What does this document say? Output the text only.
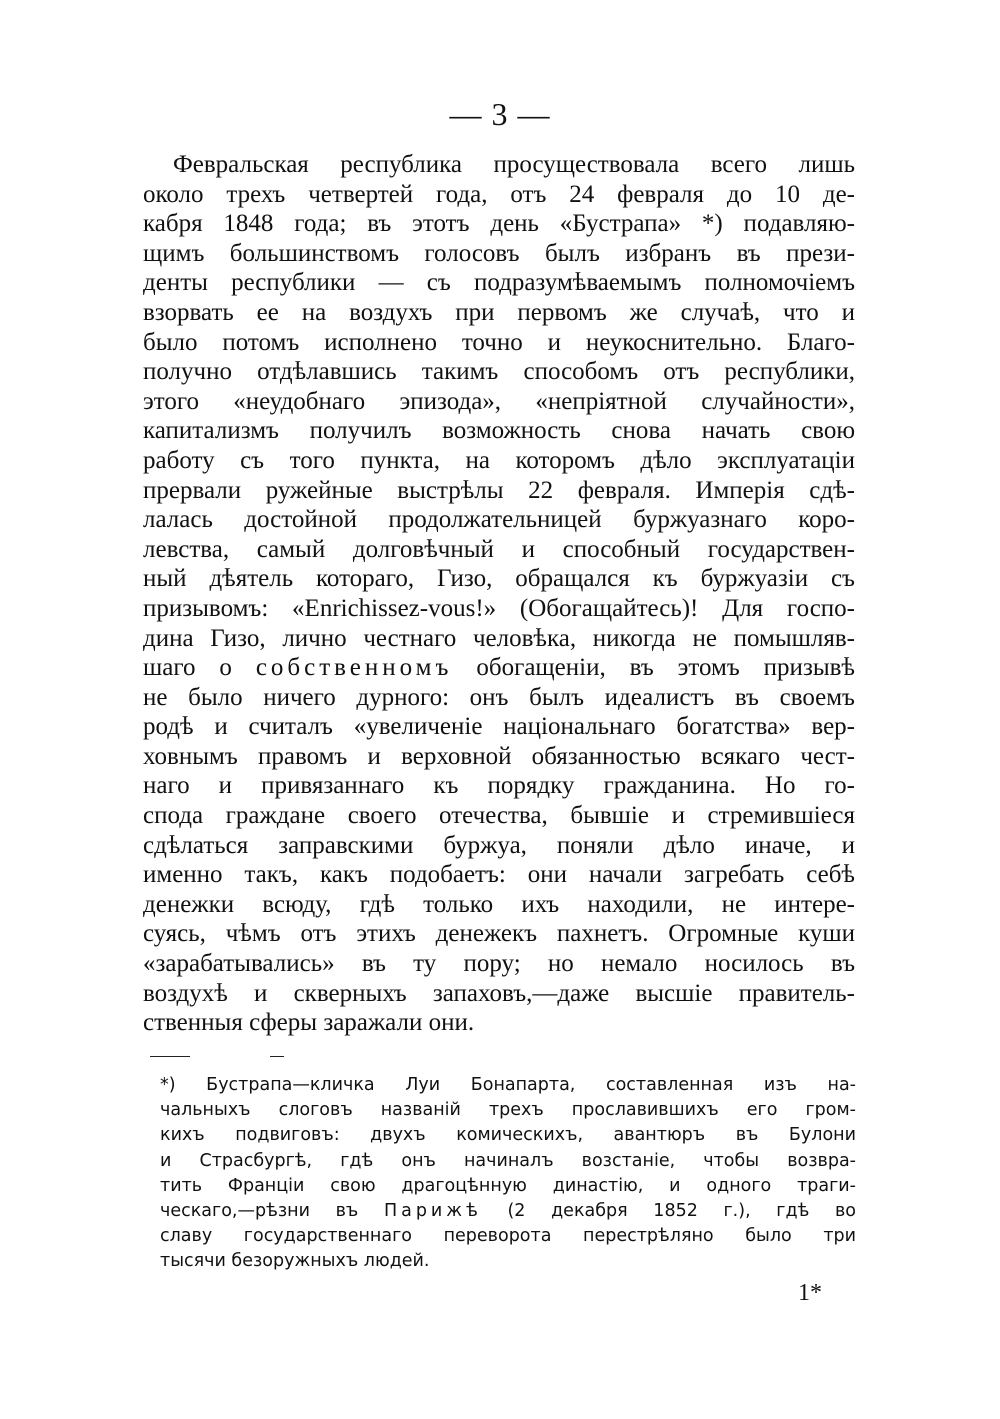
— 3 —
Февральская республика просуществовала всего лишь
около трехъ четвертей года, отъ 24 февраля до 10 де-
кабря 1848 года; въ этотъ день «Бустрапа» *) подавляю-
щимъ большинствомъ голосовъ былъ избранъ въ прези-
денты республики — съ подразумѣваемымъ полномочіемъ
взорвать ее на воздухъ при первомъ же случаѣ, что и
было потомъ исполнено точно и неукоснительно. Благо-
получно отдѣлавшись такимъ способомъ отъ республики,
этого «неудобнаго эпизода», «непріятной случайности»,
капитализмъ получилъ возможность снова начать свою
работу съ того пункта, на которомъ дѣло эксплуатаціи
прервали ружейные выстрѣлы 22 февраля. Имперія сдѣ-
лалась достойной продолжательницей буржуазнаго коро-
левства, самый долговѣчный и способный государствен-
ный дѣятель котораго, Гизо, обращался къ буржуазіи съ
призывомъ: «Enrichissez-vous!» (Обогащайтесь)! Для госпо-
дина Гизо, лично честнаго человѣка, никогда не помышляв-
шаго о собственномъ обогащеніи, въ этомъ призывѣ
не было ничего дурного: онъ былъ идеалистъ въ своемъ
родѣ и считалъ «увеличеніе національнаго богатства» вер-
ховнымъ правомъ и верховной обязанностью всякаго чест-
наго и привязаннаго къ порядку гражданина. Но го-
спода граждане своего отечества, бывшіе и стремившіеся
сдѣлаться заправскими буржуа, поняли дѣло иначе, и
именно такъ, какъ подобаетъ: они начали загребать себѣ
денежки всюду, гдѣ только ихъ находили, не интере-
суясь, чѣмъ отъ этихъ денежекъ пахнетъ. Огромные куши
«зарабатывались» въ ту пору; но немало носилось въ
воздухѣ и скверныхъ запаховъ,—даже высшіе правитель-
ственныя сферы заражали они.
*) Бустрапа—кличка Луи Бонапарта, составленная изъ на-
чальныхъ слоговъ названій трехъ прославившихъ его гром-
кихъ подвиговъ: двухъ комическихъ, авантюръ въ Булони
и Страсбургѣ, гдѣ онъ начиналъ возстаніе, чтобы возвра-
тить Франціи свою драгоцѣнную династію, и одного траги-
ческаго,—рѣзни въ Парижѣ (2 декабря 1852 г.), гдѣ во
славу государственнаго переворота перестрѣляно было три
тысячи безоружныхъ людей.
1*
